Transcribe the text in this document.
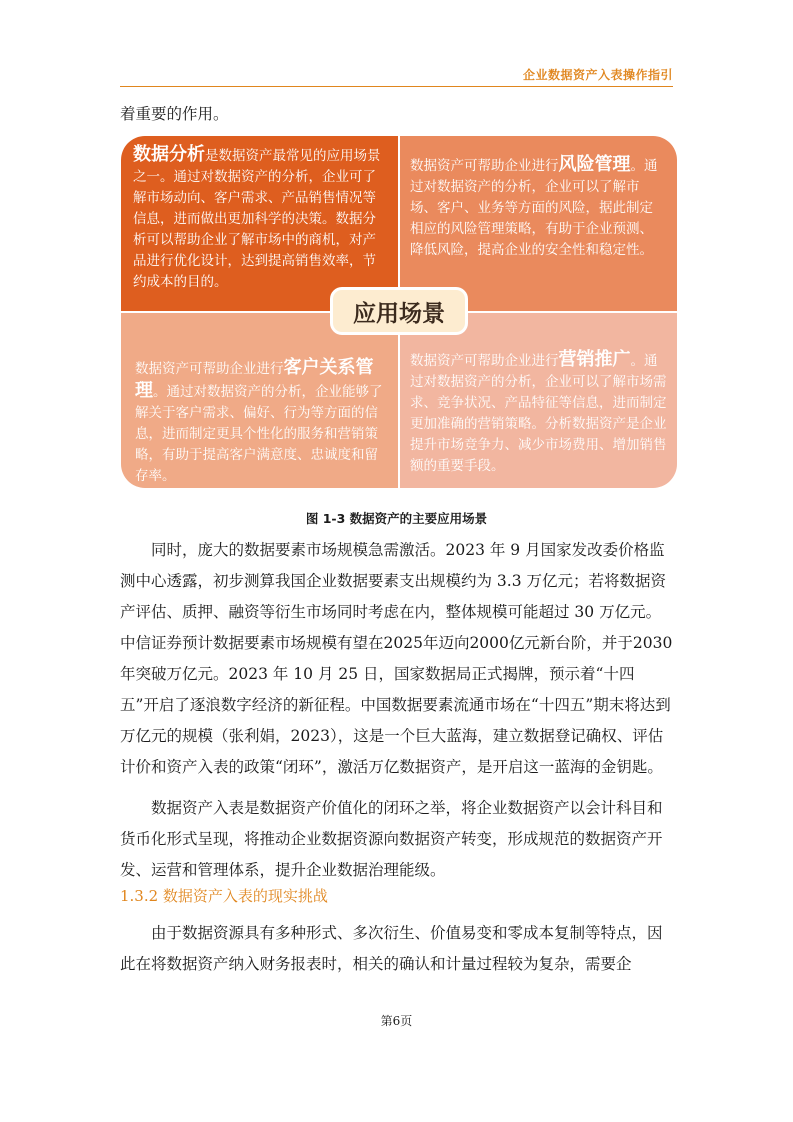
企业数据资产入表操作指引
着重要的作用。
数据分析是数据资产最常见的应用场景之一。通过对数据资产的分析，企业可了解市场动向、客户需求、产品销售情况等信息，进而做出更加科学的决策。数据分析可以帮助企业了解市场中的商机，对产品进行优化设计，达到提高销售效率，节约成本的目的。
数据资产可帮助企业进行风险管理。通过对数据资产的分析，企业可以了解市场、客户、业务等方面的风险，据此制定相应的风险管理策略，有助于企业预测、降低风险，提高企业的安全性和稳定性。
数据资产可帮助企业进行客户关系管理。通过对数据资产的分析，企业能够了解关于客户需求、偏好、行为等方面的信息，进而制定更具个性化的服务和营销策略，有助于提高客户满意度、忠诚度和留存率。
数据资产可帮助企业进行营销推广。通过对数据资产的分析，企业可以了解市场需求、竞争状况、产品特征等信息，进而制定更加准确的营销策略。分析数据资产是企业提升市场竞争力、减少市场费用、增加销售额的重要手段。
应用场景
图 1-3 数据资产的主要应用场景
同时，庞大的数据要素市场规模急需激活。2023 年 9 月国家发改委价格监测中心透露，初步测算我国企业数据要素支出规模约为 3.3 万亿元；若将数据资产评估、质押、融资等衍生市场同时考虑在内，整体规模可能超过 30 万亿元。中信证券预计数据要素市场规模有望在2025年迈向2000亿元新台阶，并于2030年突破万亿元。2023 年 10 月 25 日，国家数据局正式揭牌，预示着“十四五”开启了逐浪数字经济的新征程。中国数据要素流通市场在“十四五”期末将达到万亿元的规模（张利娟，2023），这是一个巨大蓝海，建立数据登记确权、评估计价和资产入表的政策“闭环”，激活万亿数据资产，是开启这一蓝海的金钥匙。
数据资产入表是数据资产价值化的闭环之举，将企业数据资产以会计科目和货币化形式呈现，将推动企业数据资源向数据资产转变，形成规范的数据资产开发、运营和管理体系，提升企业数据治理能级。
1.3.2 数据资产入表的现实挑战
由于数据资源具有多种形式、多次衍生、价值易变和零成本复制等特点，因此在将数据资产纳入财务报表时，相关的确认和计量过程较为复杂，需要企
第6页
